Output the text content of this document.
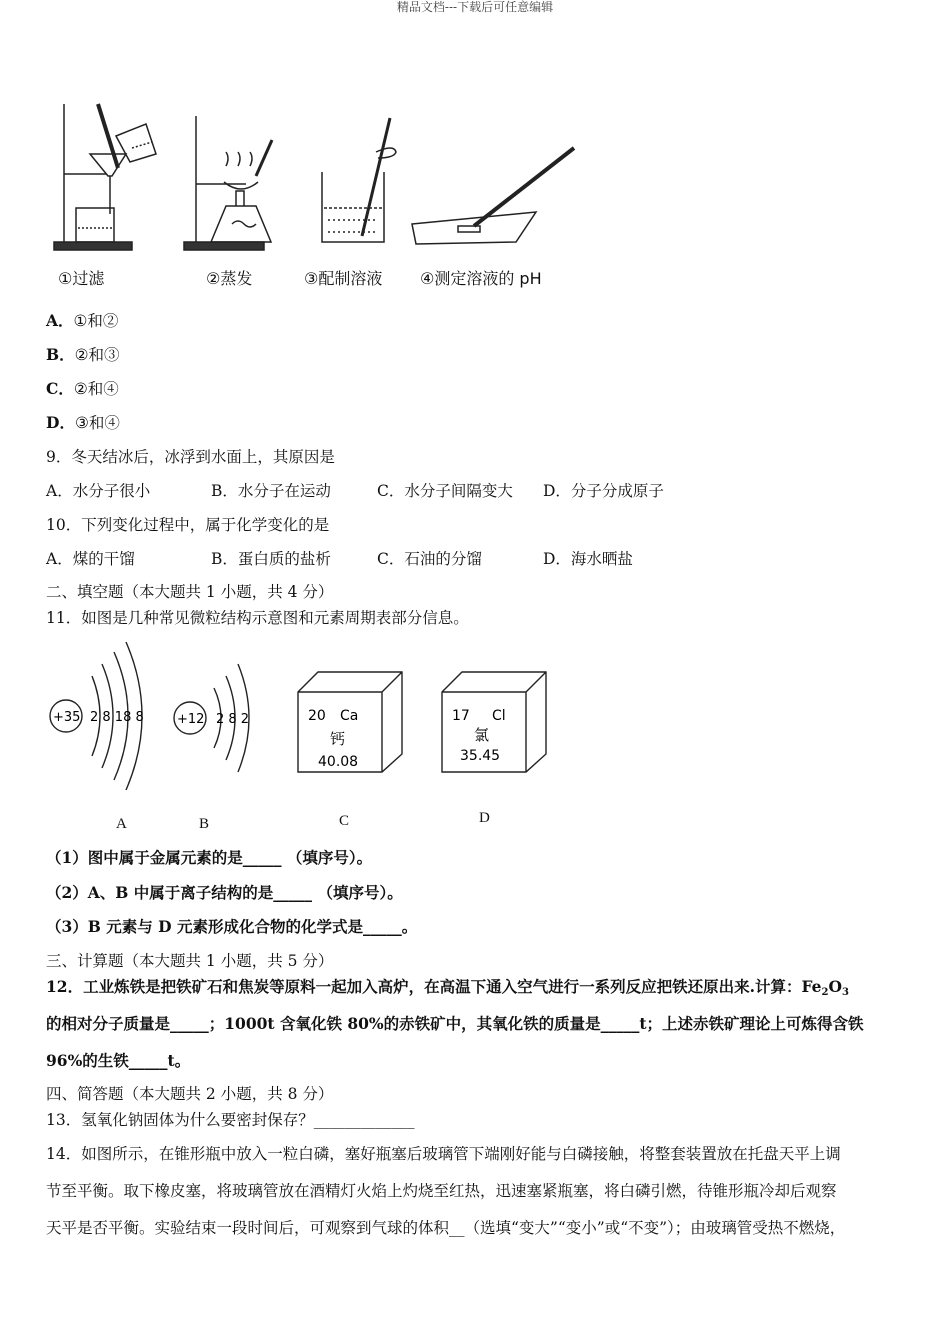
精品文档---下载后可任意编辑
①过滤	②蒸发	③配制溶液 ④测定溶液的 pH
A．①和②
B．②和③
C．②和④
D．③和④
9．冬天结冰后，冰浮到水面上，其原因是
A．水分子很小	B．水分子在运动	C．水分子间隔变大 D．分子分成原子
10．下列变化过程中，属于化学变化的是
A．煤的干馏	B．蛋白质的盐析	C．石油的分馏	D．海水晒盐
二、填空题（本大题共 1 小题，共 4 分）
11．如图是几种常见微粒结构示意图和元素周期表部分信息。
+35 2 8 18 8	+12 2 8 2	20 Ca
钙
40.08
17 Cl
氯
35.45
A	B	C	D
（1）图中属于金属元素的是_____ （填序号）。
（2）A、B 中属于离子结构的是_____ （填序号）。
（3）B 元素与 D 元素形成化合物的化学式是_____。
三、计算题（本大题共 1 小题，共 5 分）
12．工业炼铁是把铁矿石和焦炭等原料一起加入高炉，在高温下通入空气进行一系列反应把铁还原出来.计算：Fe2O3
的相对分子质量是_____；1000t 含氧化铁 80%的赤铁矿中，其氧化铁的质量是_____t；上述赤铁矿理论上可炼得含铁
96%的生铁_____t。
四、简答题（本大题共 2 小题，共 8 分）
13．氢氧化钠固体为什么要密封保存？_____________
14．如图所示，在锥形瓶中放入一粒白磷，塞好瓶塞后玻璃管下端刚好能与白磷接触，将整套装置放在托盘天平上调
节至平衡。取下橡皮塞，将玻璃管放在酒精灯火焰上灼烧至红热，迅速塞紧瓶塞，将白磷引燃，待锥形瓶冷却后观察
天平是否平衡。实验结束一段时间后，可观察到气球的体积__（选填“变大”“变小”或“不变”）；由玻璃管受热不燃烧，
